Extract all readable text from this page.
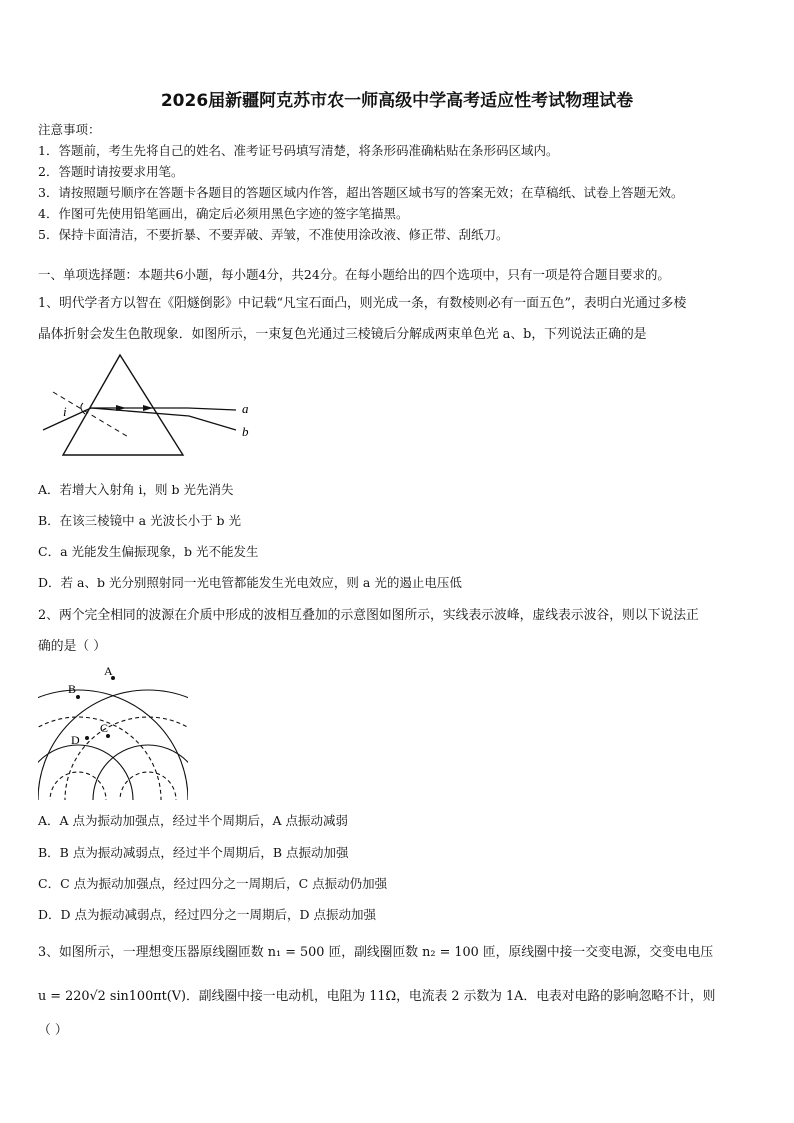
2026届新疆阿克苏市农一师高级中学高考适应性考试物理试卷
注意事项：
1．答题前，考生先将自己的姓名、准考证号码填写清楚，将条形码准确粘贴在条形码区域内。
2．答题时请按要求用笔。
3．请按照题号顺序在答题卡各题目的答题区域内作答，超出答题区域书写的答案无效；在草稿纸、试卷上答题无效。
4．作图可先使用铅笔画出，确定后必须用黑色字迹的签字笔描黑。
5．保持卡面清洁，不要折暴、不要弄破、弄皱，不准使用涂改液、修正带、刮纸刀。
一、单项选择题：本题共6小题，每小题4分，共24分。在每小题给出的四个选项中，只有一项是符合题目要求的。
1、明代学者方以智在《阳燧倒影》中记载“凡宝石面凸，则光成一条，有数棱则必有一面五色”，表明白光通过多棱
晶体折射会发生色散现象．如图所示，一束复色光通过三棱镜后分解成两束单色光 a、b，下列说法正确的是
i	a
b
A．若增大入射角 i，则 b 光先消失
B．在该三棱镜中 a 光波长小于 b 光
C．a 光能发生偏振现象，b 光不能发生
D．若 a、b 光分别照射同一光电管都能发生光电效应，则 a 光的遏止电压低
2、两个完全相同的波源在介质中形成的波相互叠加的示意图如图所示，实线表示波峰，虚线表示波谷，则以下说法正
确的是（ ）
A
B
C
D
A．A 点为振动加强点，经过半个周期后，A 点振动减弱
B．B 点为振动减弱点，经过半个周期后，B 点振动加强
C．C 点为振动加强点，经过四分之一周期后，C 点振动仍加强
D．D 点为振动减弱点，经过四分之一周期后，D 点振动加强
3、如图所示，一理想变压器原线圈匝数 n₁ = 500 匝，副线圈匝数 n₂ = 100 匝，原线圈中接一交变电源，交变电电压
u = 220√2 sin100πt(V)．副线圈中接一电动机，电阻为 11Ω，电流表 2 示数为 1A．电表对电路的影响忽略不计，则
（ ）
